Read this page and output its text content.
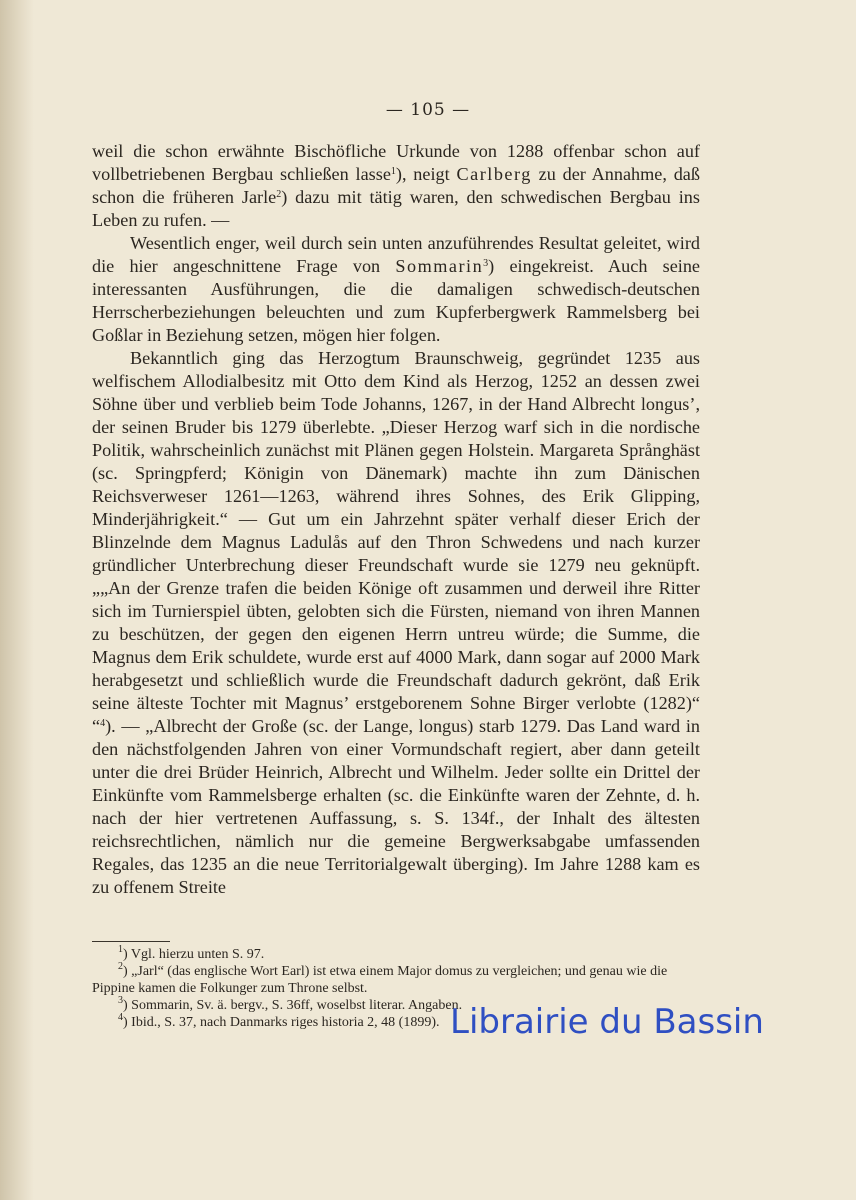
— 105 —

weil die schon erwähnte Bischöfliche Urkunde von 1288 offenbar schon auf vollbetriebenen Bergbau schließen lasse$^1$), neigt Carlberg zu der Annahme, daß schon die früheren Jarle$^2$) dazu mit tätig waren, den schwedischen Bergbau ins Leben zu rufen. —

Wesentlich enger, weil durch sein unten anzuführendes Resultat geleitet, wird die hier angeschnittene Frage von Sommarin$^3$) eingekreist. Auch seine interessanten Ausführungen, die die damaligen schwedisch-deutschen Herrscherbeziehungen beleuchten und zum Kupferbergwerk Rammelsberg bei Goßlar in Beziehung setzen, mögen hier folgen.

Bekanntlich ging das Herzogtum Braunschweig, gegründet 1235 aus welfischem Allodialbesitz mit Otto dem Kind als Herzog, 1252 an dessen zwei Söhne über und verblieb beim Tode Johanns, 1267, in der Hand Albrecht longus’, der seinen Bruder bis 1279 überlebte. „Dieser Herzog warf sich in die nordische Politik, wahrscheinlich zunächst mit Plänen gegen Holstein. Margareta Språnghäst (sc. Springpferd; Königin von Dänemark) machte ihn zum Dänischen Reichsverweser 1261—1263, während ihres Sohnes, des Erik Glipping, Minderjährigkeit.“ — Gut um ein Jahrzehnt später verhalf dieser Erich der Blinzelnde dem Magnus Ladulås auf den Thron Schwedens und nach kurzer gründlicher Unterbrechung dieser Freundschaft wurde sie 1279 neu geknüpft. „„An der Grenze trafen die beiden Könige oft zusammen und derweil ihre Ritter sich im Turnierspiel übten, gelobten sich die Fürsten, niemand von ihren Mannen zu beschützen, der gegen den eigenen Herrn untreu würde; die Summe, die Magnus dem Erik schuldete, wurde erst auf 4000 Mark, dann sogar auf 2000 Mark herabgesetzt und schließlich wurde die Freundschaft dadurch gekrönt, daß Erik seine älteste Tochter mit Magnus’ erstgeborenem Sohne Birger verlobte (1282)“ “$^4$). — „Albrecht der Große (sc. der Lange, longus) starb 1279. Das Land ward in den nächstfolgenden Jahren von einer Vormundschaft regiert, aber dann geteilt unter die drei Brüder Heinrich, Albrecht und Wilhelm. Jeder sollte ein Drittel der Einkünfte vom Rammelsberge erhalten (sc. die Einkünfte waren der Zehnte, d. h. nach der hier vertretenen Auffassung, s. S. 134f., der Inhalt des ältesten reichsrechtlichen, nämlich nur die gemeine Bergwerksabgabe umfassenden Regales, das 1235 an die neue Territorialgewalt überging). Im Jahre 1288 kam es zu offenem Streite

$^1$) Vgl. hierzu unten S. 97.
$^2$) „Jarl“ (das englische Wort Earl) ist etwa einem Major domus zu vergleichen; und genau wie die Pippine kamen die Folkunger zum Throne selbst.
$^3$) Sommarin, Sv. ä. bergv., S. 36ff, woselbst literar. Angaben.
$^4$) Ibid., S. 37, nach Danmarks riges historia 2, 48 (1899). Librairie du Bassin
